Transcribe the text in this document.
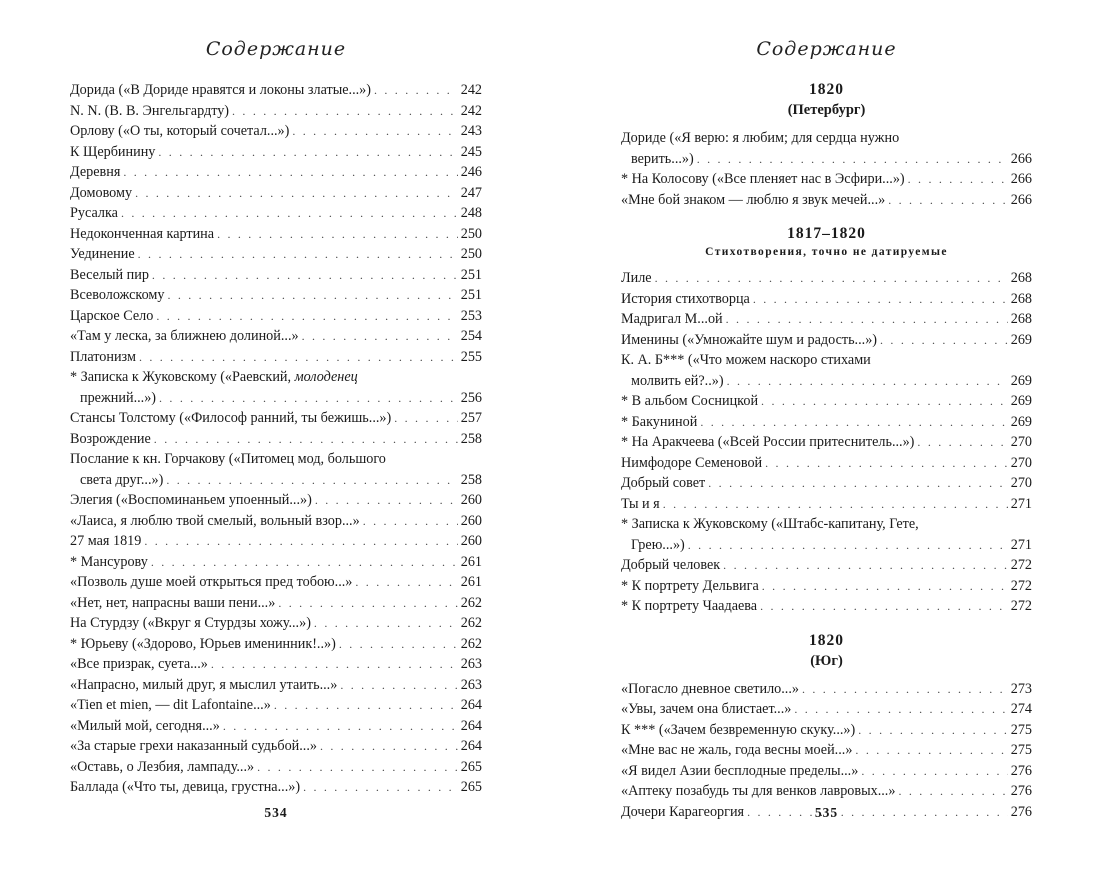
Содержание
Дорида («В Дориде нравятся и локоны златые...») . . .	242
N. N. (В. В. Энгельгардту) . . .	242
Орлову («О ты, который сочетал...») . . .	243
К Щербинину . . .	245
Деревня . . .	246
Домовому . . .	247
Русалка . . .	248
Недоконченная картина . . .	250
Уединение . . .	250
Веселый пир . . .	251
Всеволожскому . . .	251
Царское Село . . .	253
«Там у леска, за ближнею долиной...» . . .	254
Платонизм . . .	255
* Записка к Жуковскому («Раевский, молоденец
прежний...») . . .	256
Стансы Толстому («Философ ранний, ты бежишь...») . . .	257
Возрождение . . .	258
Послание к кн. Горчакову («Питомец мод, большого
света друг...») . . .	258
Элегия («Воспоминаньем упоенный...») . . .	260
«Лаиса, я люблю твой смелый, вольный взор...» . . .	260
27 мая 1819 . . .	260
* Мансурову . . .	261
«Позволь душе моей открыться пред тобою...» . . .	261
«Нет, нет, напрасны ваши пени...» . . .	262
На Стурдзу («Вкруг я Стурдзы хожу...») . . .	262
* Юрьеву («Здорово, Юрьев именинник!..») . . .	262
«Все призрак, суета...» . . .	263
«Напрасно, милый друг, я мыслил утаить...» . . .	263
«Tien et mien, — dit Lafontaine...» . . .	264
«Милый мой, сегодня...» . . .	264
«За старые грехи наказанный судьбой...» . . .	264
«Оставь, о Лезбия, лампаду...» . . .	265
Баллада («Что ты, девица, грустна...») . . .	265
534
Содержание
1820
(Петербург)
Дориде («Я верю: я любим; для сердца нужно
верить...») . . .	266
* На Колосову («Все пленяет нас в Эсфири...») . . .	266
«Мне бой знаком — люблю я звук мечей...» . . .	266
1817–1820
Стихотворения, точно не датируемые
Лиле . . .	268
История стихотворца . . .	268
Мадригал М...ой . . .	268
Именины («Умножайте шум и радость...») . . .	269
К. А. Б*** («Что можем наскоро стихами
молвить ей?..») . . .	269
* В альбом Сосницкой . . .	269
* Бакуниной . . .	269
* На Аракчеева («Всей России притеснитель...») . . .	270
Нимфодоре Семеновой . . .	270
Добрый совет . . .	270
Ты и я . . .	271
* Записка к Жуковскому («Штабс-капитану, Гете,
Грею...») . . .	271
Добрый человек . . .	272
* К портрету Дельвига . . .	272
* К портрету Чаадаева . . .	272
1820
(Юг)
«Погасло дневное светило...» . . .	273
«Увы, зачем она блистает...» . . .	274
К *** («Зачем безвременную скуку...») . . .	275
«Мне вас не жаль, года весны моей...» . . .	275
«Я видел Азии бесплодные пределы...» . . .	276
«Аптеку позабудь ты для венков лавровых...» . . .	276
Дочери Карагеоргия . . .	276
535
